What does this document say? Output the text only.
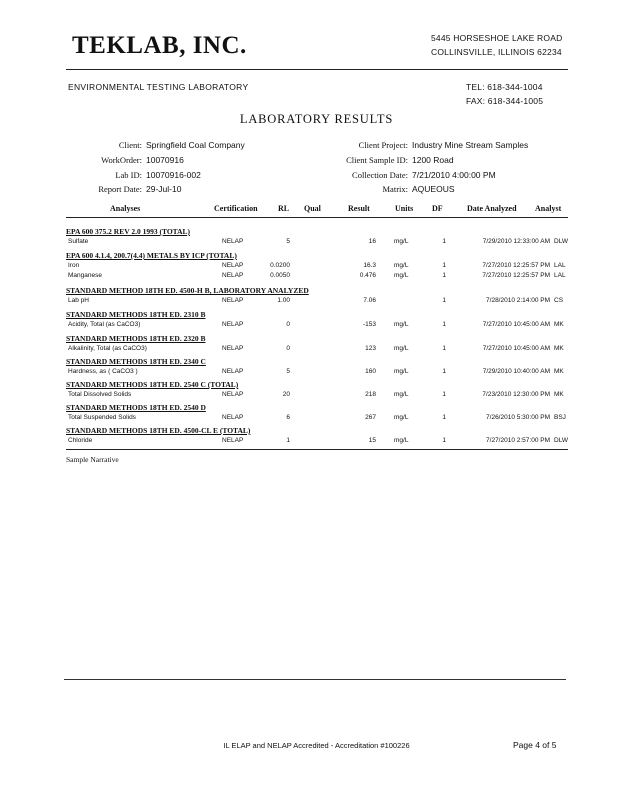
TEKLAB, INC.	5445 HORSESHOE LAKE ROAD
COLLINSVILLE, ILLINOIS 62234
ENVIRONMENTAL TESTING LABORATORY	TEL: 618-344-1004
FAX: 618-344-1005
LABORATORY RESULTS
Client: Springfield Coal Company
WorkOrder: 10070916
Lab ID: 10070916-002
Report Date: 29-Jul-10
Client Project: Industry Mine Stream Samples
Client Sample ID: 1200 Road
Collection Date: 7/21/2010 4:00:00 PM
Matrix: AQUEOUS
Analyses	Certification	RL Qual	Result	Units DF	Date Analyzed Analyst
EPA 600 375.2 REV 2.0 1993 (TOTAL)
Sulfate	NELAP	5	16	mg/L	1	7/29/2010 12:33:00 AM DLW
EPA 600 4.1.4, 200.7(4.4) METALS BY ICP (TOTAL)
Iron	NELAP	0.0200	16.3	mg/L	1	7/27/2010 12:25:57 PM LAL
Manganese	NELAP	0.0050	0.476	mg/L	1	7/27/2010 12:25:57 PM LAL
STANDARD METHOD 18TH ED. 4500-H B, LABORATORY ANALYZED
Lab pH	NELAP	1.00	7.06	1	7/28/2010 2:14:00 PM CS
STANDARD METHODS 18TH ED. 2310 B
Acidity, Total (as CaCO3)	NELAP	0	-153	mg/L	1	7/27/2010 10:45:00 AM MK
STANDARD METHODS 18TH ED. 2320 B
Alkalinity, Total (as CaCO3)	NELAP	0	123	mg/L	1	7/27/2010 10:45:00 AM MK
STANDARD METHODS 18TH ED. 2340 C
Hardness, as ( CaCO3 )	NELAP	5	160	mg/L	1	7/29/2010 10:40:00 AM MK
STANDARD METHODS 18TH ED. 2540 C (TOTAL)
Total Dissolved Solids	NELAP	20	218	mg/L	1	7/23/2010 12:30:00 PM MK
STANDARD METHODS 18TH ED. 2540 D
Total Suspended Solids	NELAP	6	267	mg/L	1	7/26/2010 5:30:00 PM BSJ
STANDARD METHODS 18TH ED. 4500-CL E (TOTAL)
Chloride	NELAP	1	15	mg/L	1	7/27/2010 2:57:00 PM DLW
Sample Narrative
IL ELAP and NELAP Accredited - Accreditation #100226	Page 4 of 5
